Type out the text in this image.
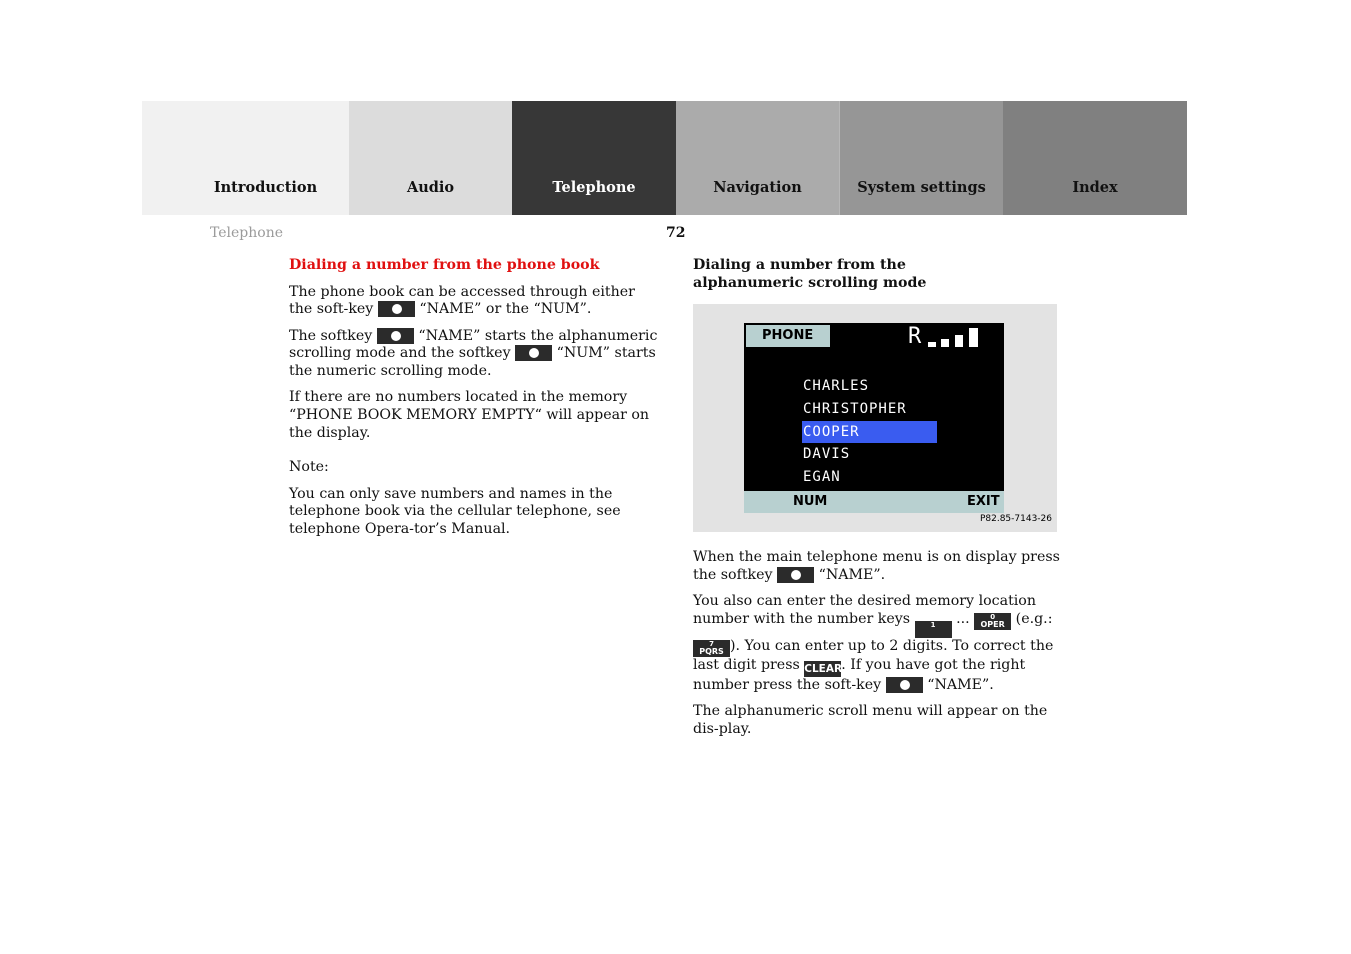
Introduction	Audio	Telephone	Navigation	System settings	Index
Telephone	72

Dialing a number from the phone book

The phone book can be accessed through either the soft-key	“NAME” or the “NUM”.

The softkey	“NAME” starts the alphanumeric scrolling mode and the softkey	“NUM” starts the numeric scrolling mode.

If there are no numbers located in the memory “PHONE BOOK MEMORY EMPTY“ will appear on the display.

Note:

You can only save numbers and names in the telephone book via the cellular telephone, see telephone Opera-tor’s Manual.

Dialing a number from the
alphanumeric scrolling mode

PHONE	R
CHARLES
CHRISTOPHER
COOPER
DAVIS
EGAN
NUM	EXIT
P82.85-7143-26

When the main telephone menu is on display press the softkey	“NAME”.

You also can enter the desired memory location number with the number keys	1	...	0
OPER (e.g.:
7
PQRS ). You can enter up to 2 digits. To correct the last digit press CLEAR. If you have got the right number press the soft-key	“NAME”.

The alphanumeric scroll menu will appear on the dis-play.
